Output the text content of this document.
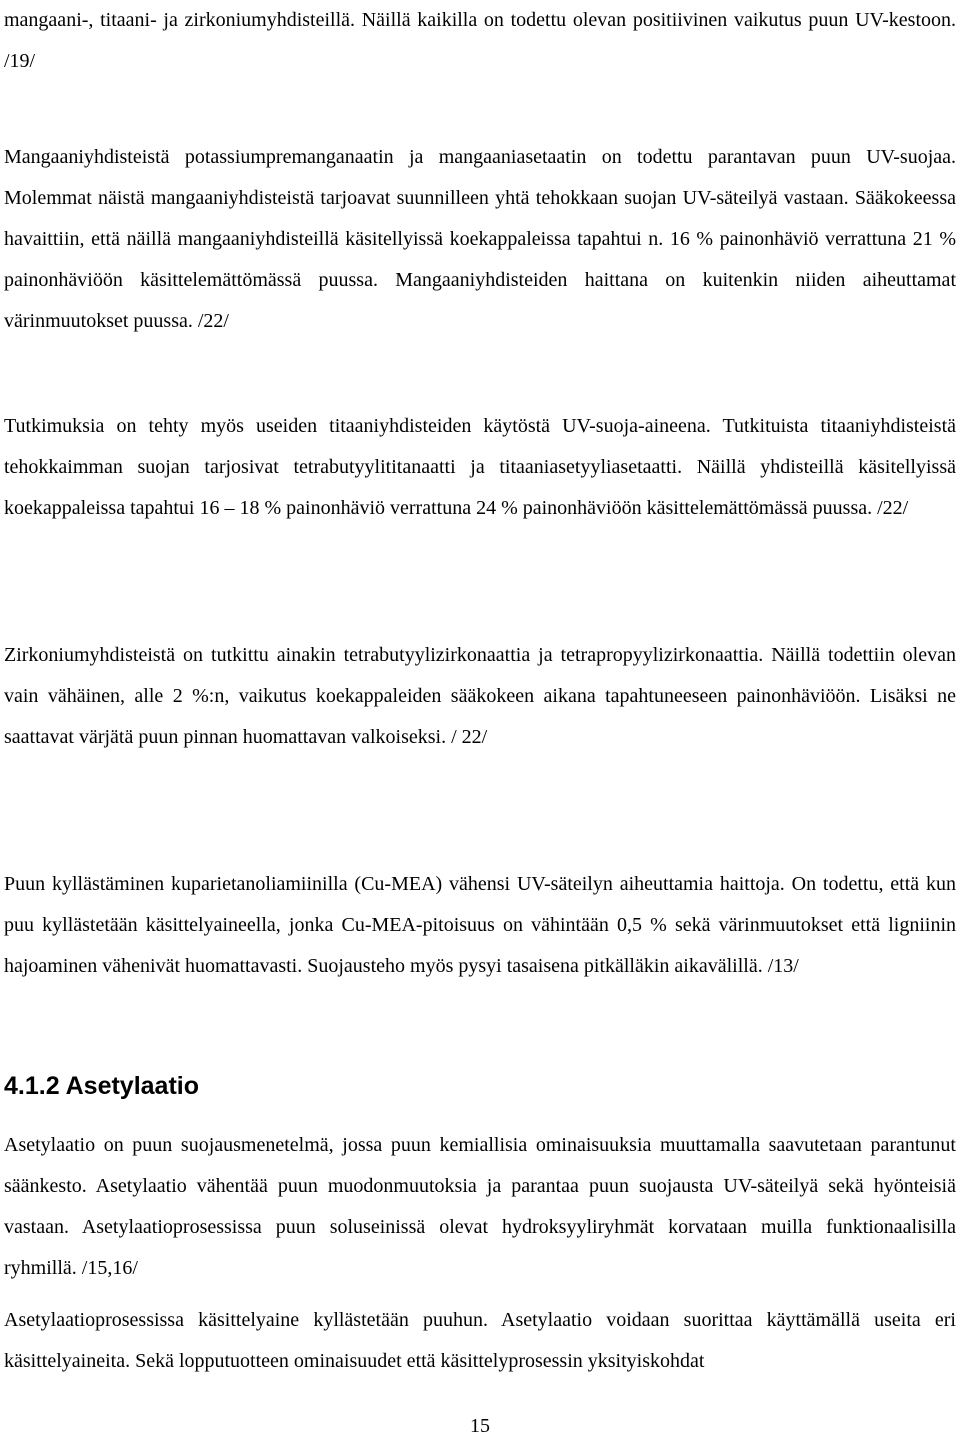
mangaani-, titaani- ja zirkoniumyhdisteillä. Näillä kaikilla on todettu olevan positiivinen vaikutus puun UV-kestoon. /19/

Mangaaniyhdisteistä potassiumpremanganaatin ja mangaaniasetaatin on todettu parantavan puun UV-suojaa. Molemmat näistä mangaaniyhdisteistä tarjoavat suunnilleen yhtä tehokkaan suojan UV-säteilyä vastaan. Sääkokeessa havaittiin, että näillä mangaaniyhdisteillä käsitellyissä koekappaleissa tapahtui n. 16 % painonhäviö verrattuna 21 % painonhäviöön käsittelemättömässä puussa. Mangaaniyhdisteiden haittana on kuitenkin niiden aiheuttamat värinmuutokset puussa. /22/

Tutkimuksia on tehty myös useiden titaaniyhdisteiden käytöstä UV-suoja-aineena. Tutkituista titaaniyhdisteistä tehokkaimman suojan tarjosivat tetrabutyylititanaatti ja titaaniasetyyliasetaatti. Näillä yhdisteillä käsitellyissä koekappaleissa tapahtui 16 – 18 % painonhäviö verrattuna 24 % painonhäviöön käsittelemättömässä puussa. /22/

Zirkoniumyhdisteistä on tutkittu ainakin tetrabutyylizirkonaattia ja tetrapropyylizirkonaattia. Näillä todettiin olevan vain vähäinen, alle 2 %:n, vaikutus koekappaleiden sääkokeen aikana tapahtuneeseen painonhäviöön. Lisäksi ne saattavat värjätä puun pinnan huomattavan valkoiseksi. / 22/

Puun kyllästäminen kuparietanoliamiinilla (Cu-MEA) vähensi UV-säteilyn aiheuttamia haittoja. On todettu, että kun puu kyllästetään käsittelyaineella, jonka Cu-MEA-pitoisuus on vähintään 0,5 % sekä värinmuutokset että ligniinin hajoaminen vähenivät huomattavasti. Suojausteho myös pysyi tasaisena pitkälläkin aikavälillä. /13/

4.1.2 Asetylaatio

Asetylaatio on puun suojausmenetelmä, jossa puun kemiallisia ominaisuuksia muuttamalla saavutetaan parantunut säänkesto. Asetylaatio vähentää puun muodonmuutoksia ja parantaa puun suojausta UV-säteilyä sekä hyönteisiä vastaan. Asetylaatioprosessissa puun soluseinissä olevat hydroksyyliryhmät korvataan muilla funktionaalisilla ryhmillä. /15,16/

Asetylaatioprosessissa käsittelyaine kyllästetään puuhun. Asetylaatio voidaan suorittaa käyttämällä useita eri käsittelyaineita. Sekä lopputuotteen ominaisuudet että käsittelyprosessin yksityiskohdat

15
